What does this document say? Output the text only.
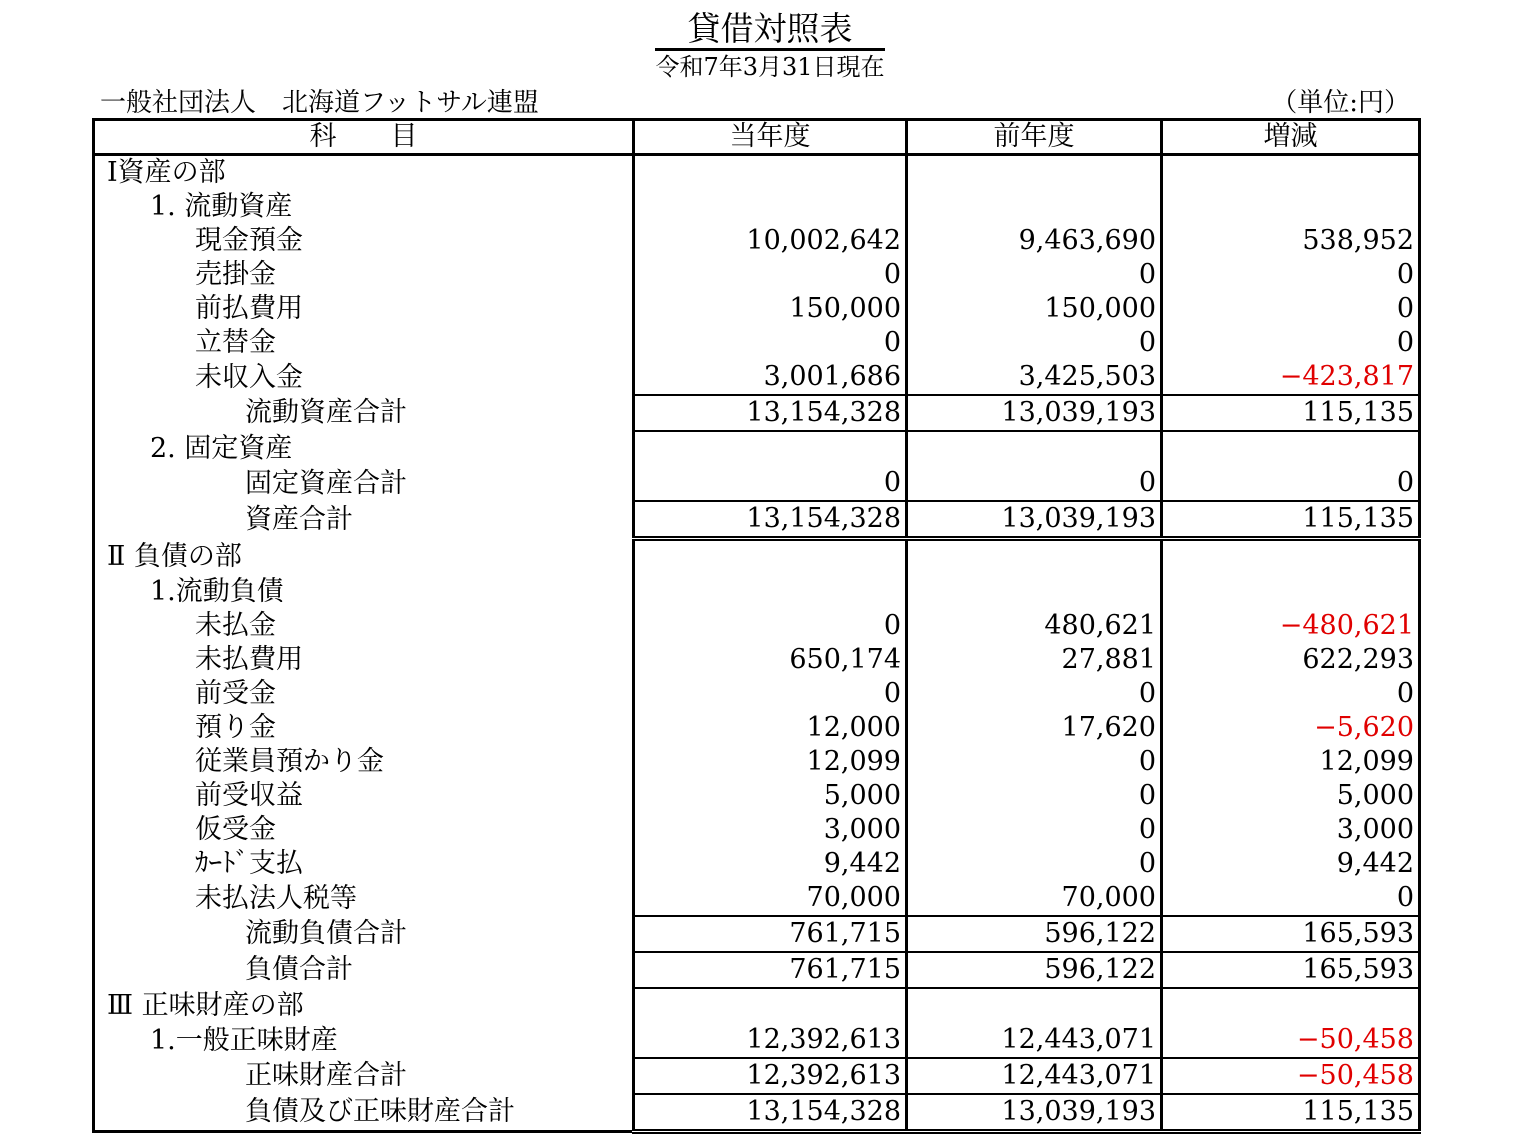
貸借対照表
令和7年3月31日現在
一般社団法人　北海道フットサル連盟	（単位:円）
科　　目	当年度	前年度	増減
Ⅰ資産の部			
1. 流動資産			
現金預金	10,002,642	9,463,690	538,952
売掛金	0	0	0
前払費用	150,000	150,000	0
立替金	0	0	0
未収入金	3,001,686	3,425,503	−423,817
流動資産合計	13,154,328	13,039,193	115,135
2. 固定資産			
固定資産合計	0	0	0
資産合計	13,154,328	13,039,193	115,135
Ⅱ 負債の部			
1.流動負債			
未払金	0	480,621	−480,621
未払費用	650,174	27,881	622,293
前受金	0	0	0
預り金	12,000	17,620	−5,620
従業員預かり金	12,099	0	12,099
前受収益	5,000	0	5,000
仮受金	3,000	0	3,000
ｶｰﾄﾞ支払	9,442	0	9,442
未払法人税等	70,000	70,000	0
流動負債合計	761,715	596,122	165,593
負債合計	761,715	596,122	165,593
Ⅲ 正味財産の部			
1.一般正味財産	12,392,613	12,443,071	−50,458
正味財産合計	12,392,613	12,443,071	−50,458
負債及び正味財産合計	13,154,328	13,039,193	115,135
